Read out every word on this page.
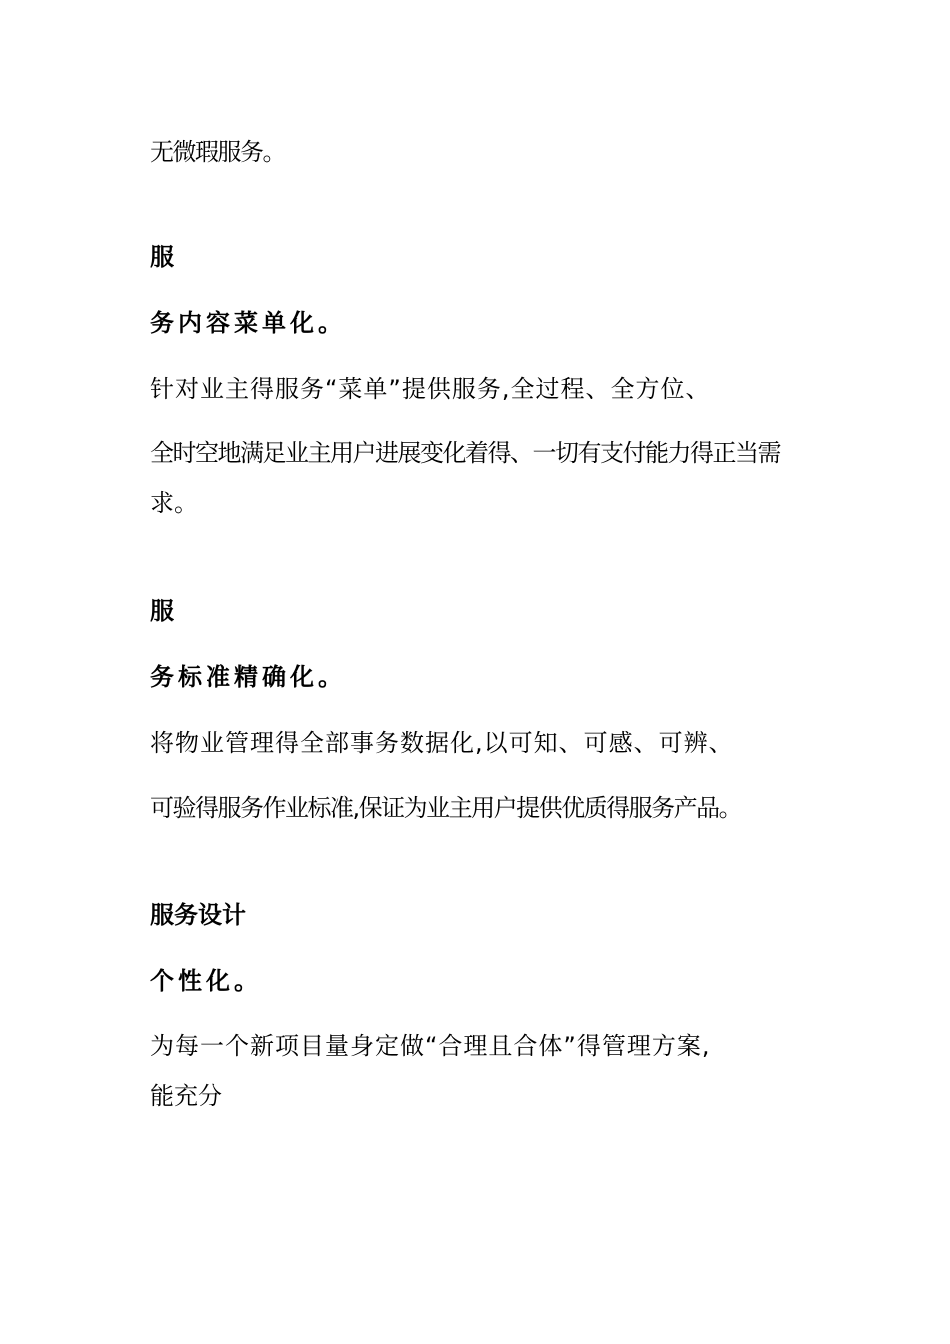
无微瑕服务。
服
务内容菜单化。
针对业主得服务“菜单”提供服务,全过程、全方位、
全时空地满足业主用户进展变化着得、一切有支付能力得正当需
求。
服
务标准精确化。
将物业管理得全部事务数据化,以可知、可感、可辨、
可验得服务作业标准,保证为业主用户提供优质得服务产品。
服务设计
个性化。
为每一个新项目量身定做“合理且合体”得管理方案,
能充分
